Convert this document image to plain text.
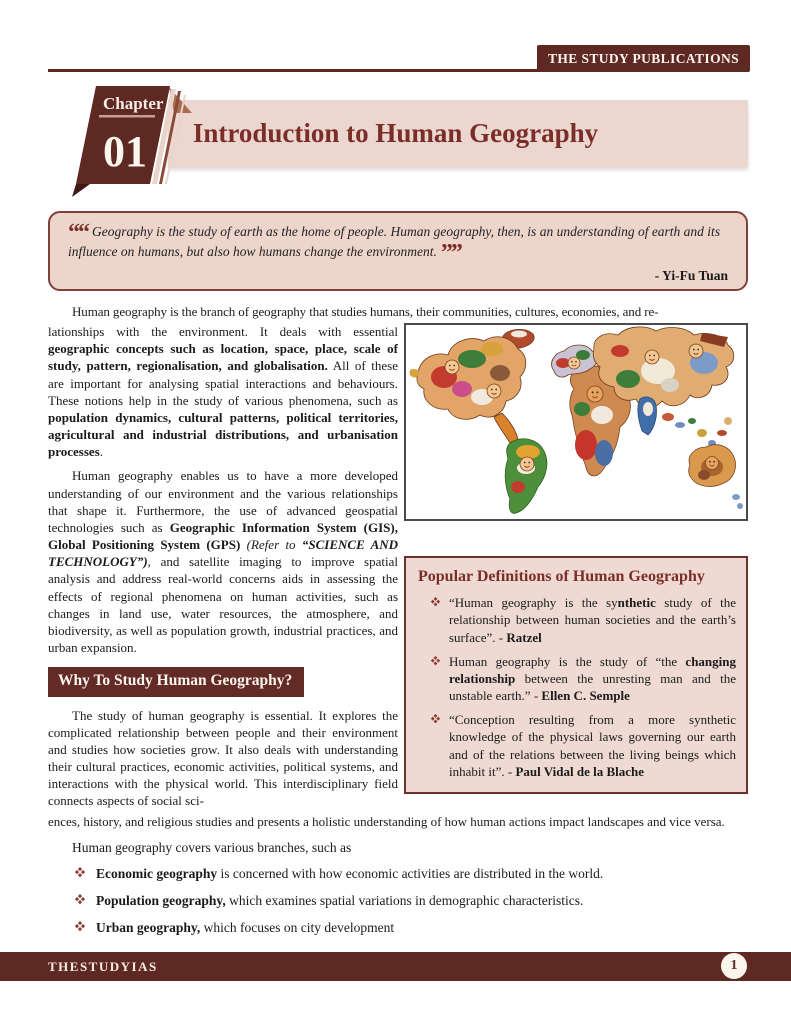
THE STUDY PUBLICATIONS
Introduction to Human Geography
Chapter
01
““ Geography is the study of earth as the home of people. Human geography, then, is an understanding of earth and its influence on humans, but also how humans change the environment. ””
- Yi-Fu Tuan
Human geography is the branch of geography that studies humans, their communities, cultures, economies, and re-

lationships with the environment. It deals with essential geographic concepts such as location, space, place, scale of study, pattern, regionalisation, and globalisation. All of these are important for analysing spatial interactions and behaviours. These notions help in the study of various phenomena, such as population dynamics, cultural patterns, political territories, agricultural and industrial distributions, and urbanisation processes.

Human geography enables us to have a more developed understanding of our environment and the various relationships that shape it. Furthermore, the use of advanced geospatial technologies such as Geographic Information System (GIS), Global Positioning System (GPS) (Refer to “SCIENCE AND TECHNOLOGY”), and satellite imaging to improve spatial analysis and address real-world concerns aids in assessing the effects of regional phenomena on human activities, such as changes in land use, water resources, the atmosphere, and biodiversity, as well as population growth, industrial practices, and urban expansion.

Why To Study Human Geography?

The study of human geography is essential. It explores the complicated relationship between people and their environment and studies how societies grow. It also deals with understanding their cultural practices, economic activities, political systems, and interactions with the physical world. This interdisciplinary field connects aspects of social sci-

Popular Definitions of Human Geography
“Human geography is the synthetic study of the relationship between human societies and the earth’s surface”. - Ratzel
Human geography is the study of “the changing relationship between the unresting man and the unstable earth.” - Ellen C. Semple
“Conception resulting from a more synthetic knowledge of the physical laws governing our earth and of the relations between the living beings which inhabit it”. - Paul Vidal de la Blache

ences, history, and religious studies and presents a holistic understanding of how human actions impact landscapes and vice versa.

Human geography covers various branches, such as

Economic geography is concerned with how economic activities are distributed in the world.
Population geography, which examines spatial variations in demographic characteristics.
Urban geography, which focuses on city development
THESTUDYIAS	1
